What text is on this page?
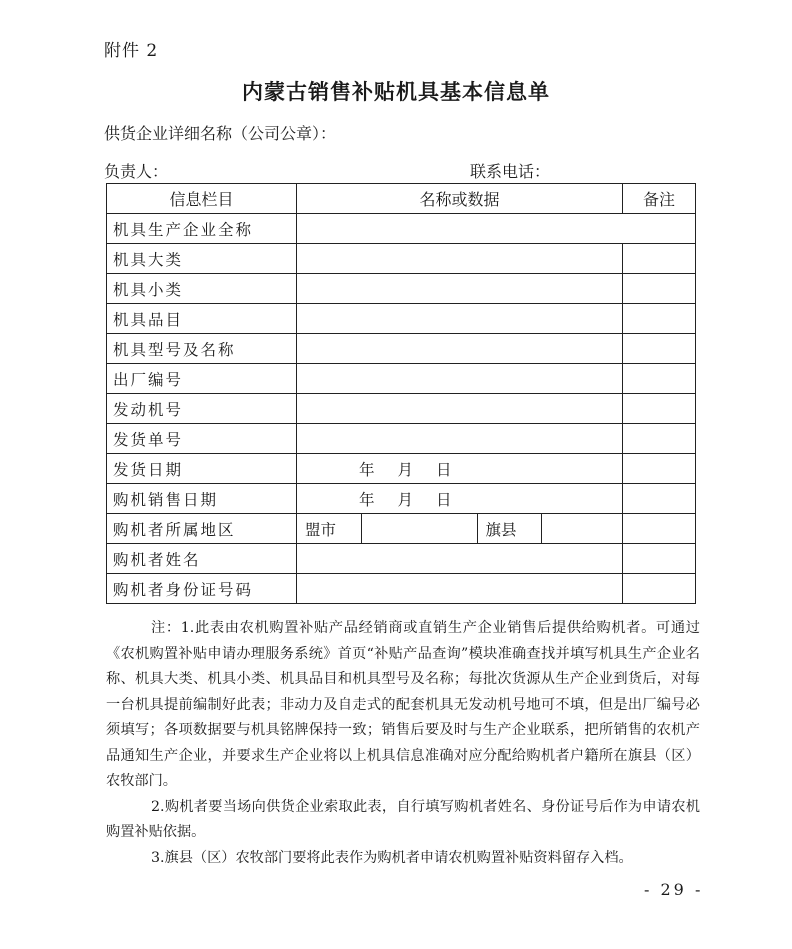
附件 2
内蒙古销售补贴机具基本信息单
供货企业详细名称（公司公章）：
负责人：	联系电话：
信息栏目	名称或数据	备注
机具生产企业全称	
机具大类		
机具小类		
机具品目		
机具型号及名称		
出厂编号		
发动机号		
发货单号		
发货日期	年 月 日	
购机销售日期	年 月 日	
购机者所属地区		盟市		旗县	

购机者姓名		
购机者身份证号码		

注：1.此表由农机购置补贴产品经销商或直销生产企业销售后提供给购机者。可通过《农机购置补贴申请办理服务系统》首页“补贴产品查询”模块准确查找并填写机具生产企业名称、机具大类、机具小类、机具品目和机具型号及名称；每批次货源从生产企业到货后，对每一台机具提前编制好此表；非动力及自走式的配套机具无发动机号地可不填，但是出厂编号必须填写；各项数据要与机具铭牌保持一致；销售后要及时与生产企业联系，把所销售的农机产品通知生产企业，并要求生产企业将以上机具信息准确对应分配给购机者户籍所在旗县（区）农牧部门。

2.购机者要当场向供货企业索取此表，自行填写购机者姓名、身份证号后作为申请农机购置补贴依据。

3.旗县（区）农牧部门要将此表作为购机者申请农机购置补贴资料留存入档。

- 29 -
